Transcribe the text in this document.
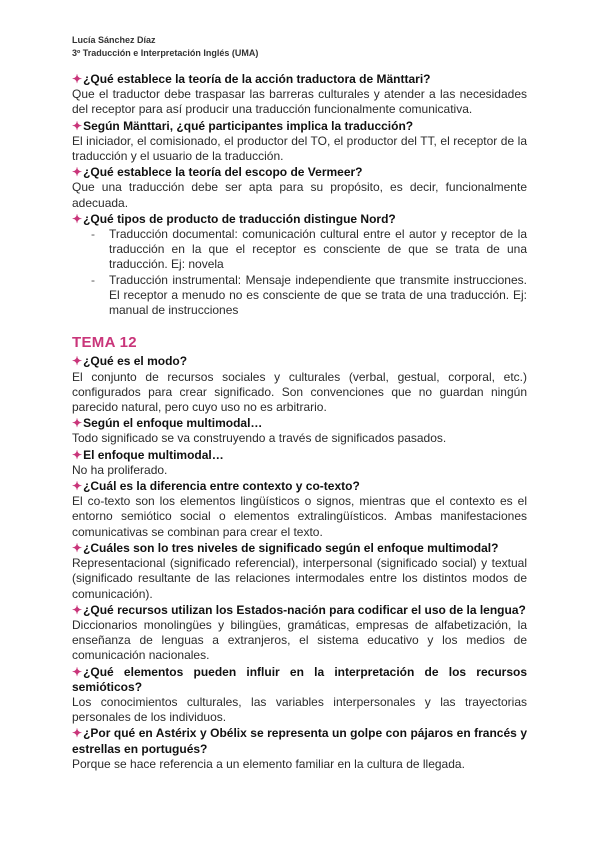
Lucía Sánchez Díaz
3º Traducción e Interpretación Inglés (UMA)

✦¿Qué establece la teoría de la acción traductora de Mänttari?

Que el traductor debe traspasar las barreras culturales y atender a las necesidades del receptor para así producir una traducción funcionalmente comunicativa.

✦Según Mänttari, ¿qué participantes implica la traducción?

El iniciador, el comisionado, el productor del TO, el productor del TT, el receptor de la traducción y el usuario de la traducción.

✦¿Qué establece la teoría del escopo de Vermeer?

Que una traducción debe ser apta para su propósito, es decir, funcionalmente adecuada.

✦¿Qué tipos de producto de traducción distingue Nord?

- Traducción documental: comunicación cultural entre el autor y receptor de la traducción en la que el receptor es consciente de que se trata de una traducción. Ej: novela
- Traducción instrumental: Mensaje independiente que transmite instrucciones. El receptor a menudo no es consciente de que se trata de una traducción. Ej: manual de instrucciones
TEMA 12

✦¿Qué es el modo?

El conjunto de recursos sociales y culturales (verbal, gestual, corporal, etc.) configurados para crear significado. Son convenciones que no guardan ningún parecido natural, pero cuyo uso no es arbitrario.

✦Según el enfoque multimodal…

Todo significado se va construyendo a través de significados pasados.

✦El enfoque multimodal…

No ha proliferado.

✦¿Cuál es la diferencia entre contexto y co-texto?

El co-texto son los elementos lingüísticos o signos, mientras que el contexto es el entorno semiótico social o elementos extralingüísticos. Ambas manifestaciones comunicativas se combinan para crear el texto.

✦¿Cuáles son lo tres niveles de significado según el enfoque multimodal?

Representacional (significado referencial), interpersonal (significado social) y textual (significado resultante de las relaciones intermodales entre los distintos modos de comunicación).

✦¿Qué recursos utilizan los Estados-nación para codificar el uso de la lengua?

Diccionarios monolingües y bilingües, gramáticas, empresas de alfabetización, la enseñanza de lenguas a extranjeros, el sistema educativo y los medios de comunicación nacionales.

✦¿Qué elementos pueden influir en la interpretación de los recursos semióticos?

Los conocimientos culturales, las variables interpersonales y las trayectorias personales de los individuos.

✦¿Por qué en Astérix y Obélix se representa un golpe con pájaros en francés y estrellas en portugués?

Porque se hace referencia a un elemento familiar en la cultura de llegada.
